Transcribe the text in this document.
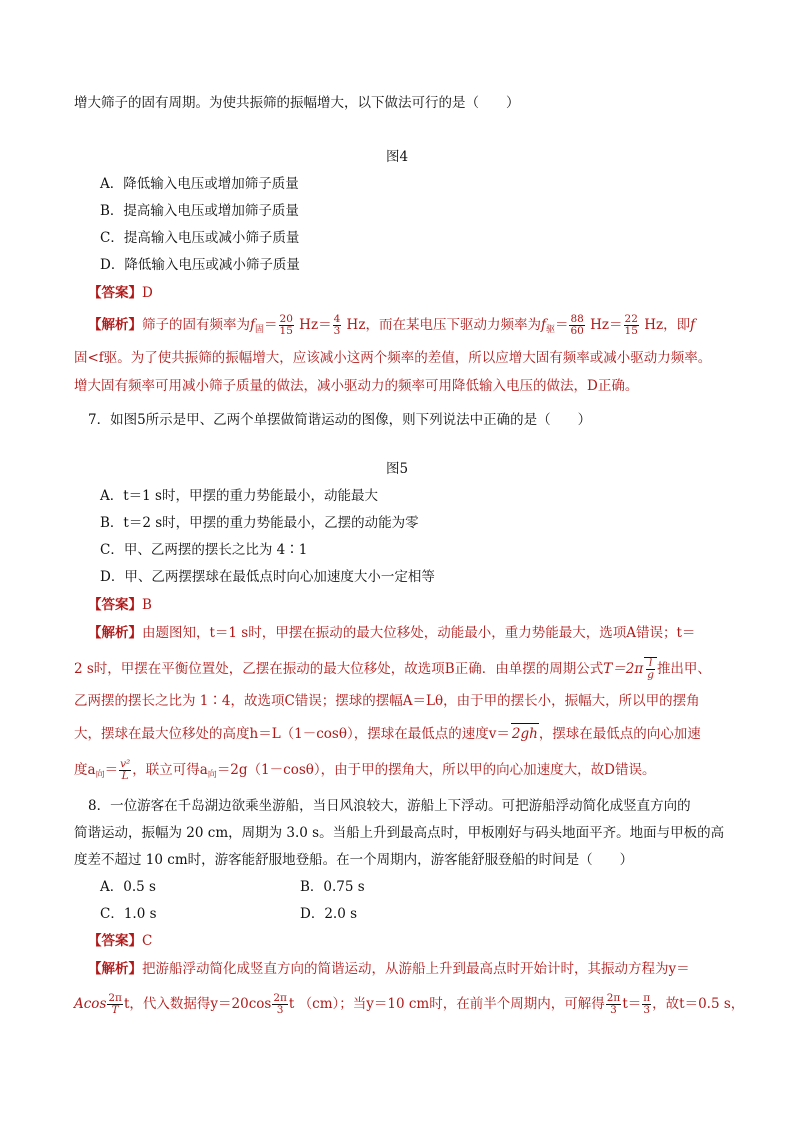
增大筛子的固有周期。为使共振筛的振幅增大，以下做法可行的是（　　）
图4
A．降低输入电压或增加筛子质量
B．提高输入电压或增加筛子质量
C．提高输入电压或减小筛子质量
D．降低输入电压或减小筛子质量
【答案】D
【解析】筛子的固有频率为$f_固= \frac{20}{15} Hz= \frac{4}{3}$ Hz，而在某电压下驱动力频率为$f_驱= \frac{88}{60} Hz= \frac{22}{15}$ Hz，即f
固<f驱。为了使共振筛的振幅增大，应该减小这两个频率的差值，所以应增大固有频率或减小驱动力频率。
增大固有频率可用减小筛子质量的做法，减小驱动力的频率可用降低输入电压的做法，D正确。
7．如图5所示是甲、乙两个单摆做简谐运动的图像，则下列说法中正确的是（　　）
图5
A．t＝1 s时，甲摆的重力势能最小，动能最大
B．t＝2 s时，甲摆的重力势能最小，乙摆的动能为零
C．甲、乙两摆的摆长之比为 4∶1
D．甲、乙两摆摆球在最低点时向心加速度大小一定相等
【答案】B
【解析】由题图知，t＝1 s时，甲摆在振动的最大位移处，动能最小，重力势能最大，选项A错误；t＝
2 s时，甲摆在平衡位置处，乙摆在振动的最大位移处，故选项B正确．由单摆的周期公式$T=2\pi \frac{l}{g}$ 推出甲、
乙两摆的摆长之比为 1∶4，故选项C错误；摆球的摆幅A＝Lθ，由于甲的摆长小，振幅大，所以甲的摆角
大，摆球在最大位移处的高度h＝L（1－cosθ），摆球在最低点的速度v＝ 2gh，摆球在最低点的向心加速
度$a_向= \frac{\text{v²}}{L}$ ，联立可得$a_向=2g(1-\cos\theta)$，由于甲的摆角大，所以甲的向心加速度大，故D错误。
8．一位游客在千岛湖边欲乘坐游船，当日风浪较大，游船上下浮动。可把游船浮动简化成竖直方向的
简谐运动，振幅为 20 cm，周期为 3.0 s。当船上升到最高点时，甲板刚好与码头地面平齐。地面与甲板的高
度差不超过 10 cm时，游客能舒服地登船。在一个周期内，游客能舒服登船的时间是（　　）
A．0.5 s	B．0.75 s
C．1.0 s	D．2.0 s
【答案】C
【解析】把游船浮动简化成竖直方向的简谐运动，从游船上升到最高点时开始计时，其振动方程为y＝
Acos $\frac{2\pi}{T}$ t，代入数据得$y=20\cos \frac{2\pi}{3}$ t （cm）；当y＝10 cm时，在前半个周期内，可解得 $\frac{2\pi}{3} t= \frac{\pi}{3}$ ，故t＝0.5 s，
